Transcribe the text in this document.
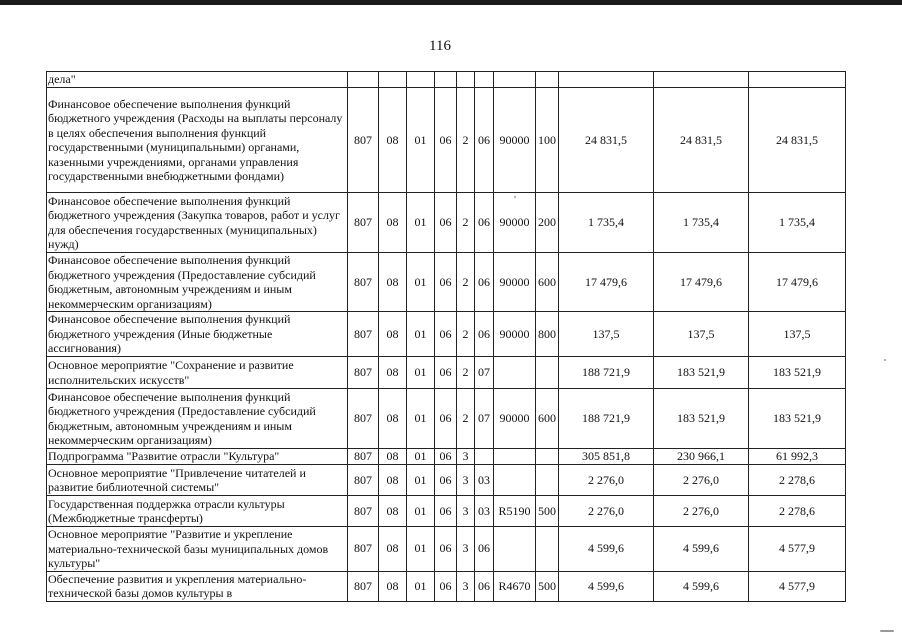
116
дела"											
Финансовое обеспечение выполнения функций бюджетного учреждения (Расходы на выплаты персоналу в целях обеспечения выполнения функций государственными (муниципальными) органами, казенными учреждениями, органами управления государственными внебюджетными фондами)	807	08	01	06	2	06	90000	100	24 831,5	24 831,5	24 831,5
Финансовое обеспечение выполнения функций бюджетного учреждения (Закупка товаров, работ и услуг для обеспечения государственных (муниципальных) нужд)	807	08	01	06	2	06	90000	200	1 735,4	1 735,4	1 735,4
Финансовое обеспечение выполнения функций бюджетного учреждения (Предоставление субсидий бюджетным, автономным учреждениям и иным некоммерческим организациям)	807	08	01	06	2	06	90000	600	17 479,6	17 479,6	17 479,6
Финансовое обеспечение выполнения функций бюджетного учреждения (Иные бюджетные ассигнования)	807	08	01	06	2	06	90000	800	137,5	137,5	137,5
Основное мероприятие "Сохранение и развитие исполнительских искусств"	807	08	01	06	2	07			188 721,9	183 521,9	183 521,9
Финансовое обеспечение выполнения функций бюджетного учреждения (Предоставление субсидий бюджетным, автономным учреждениям и иным некоммерческим организациям)	807	08	01	06	2	07	90000	600	188 721,9	183 521,9	183 521,9
Подпрограмма "Развитие отрасли "Культура"	807	08	01	06	3				305 851,8	230 966,1	61 992,3
Основное мероприятие "Привлечение читателей и развитие библиотечной системы"	807	08	01	06	3	03			2 276,0	2 276,0	2 278,6
Государственная поддержка отрасли культуры (Межбюджетные трансферты)	807	08	01	06	3	03	R5190	500	2 276,0	2 276,0	2 278,6
Основное мероприятие "Развитие и укрепление материально-технической базы муниципальных домов культуры"	807	08	01	06	3	06			4 599,6	4 599,6	4 577,9
Обеспечение развития и укрепления материально-технической базы домов культуры в	807	08	01	06	3	06	R4670	500	4 599,6	4 599,6	4 577,9
